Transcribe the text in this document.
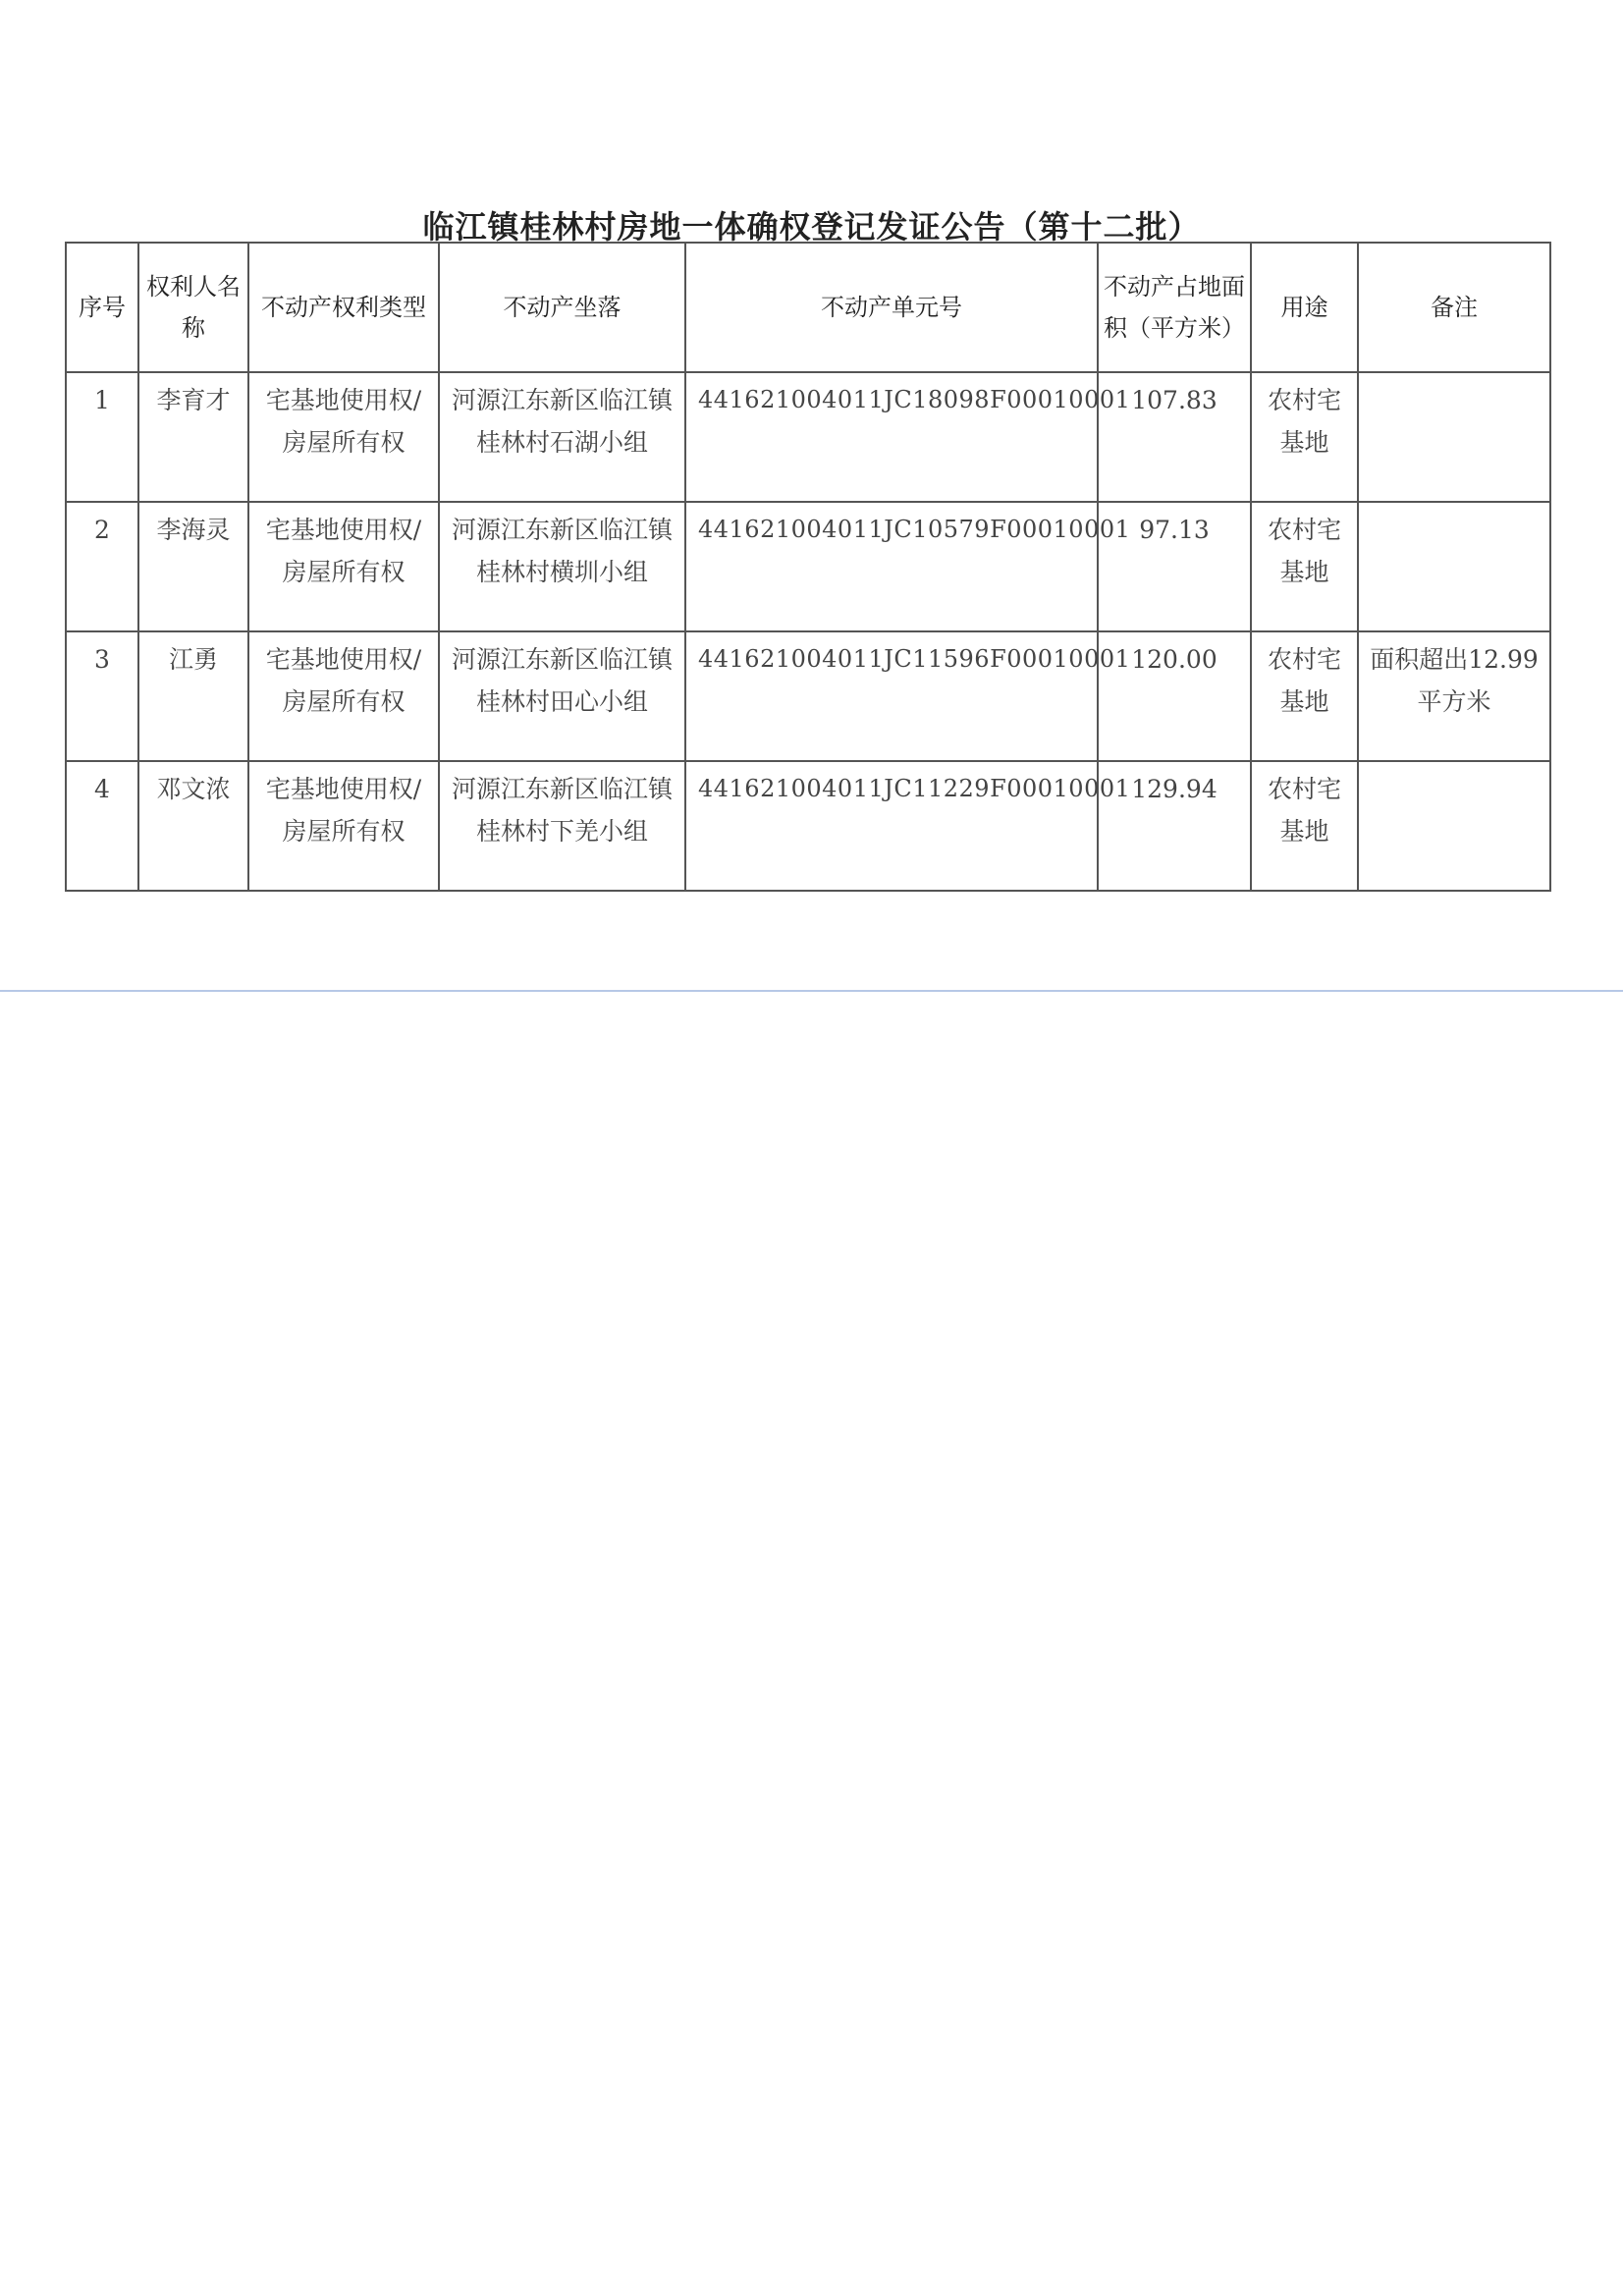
临江镇桂林村房地一体确权登记发证公告（第十二批）
序号	权利人名称	不动产权利类型	不动产坐落	不动产单元号	不动产占地面积（平方米）	用途	备注
1	李育才	宅基地使用权/房屋所有权	河源江东新区临江镇桂林村石湖小组	441621004011JC18098F00010001	107.83	农村宅基地	
2	李海灵	宅基地使用权/房屋所有权	河源江东新区临江镇桂林村横圳小组	441621004011JC10579F00010001	97.13	农村宅基地	
3	江勇	宅基地使用权/房屋所有权	河源江东新区临江镇桂林村田心小组	441621004011JC11596F00010001	120.00	农村宅基地	面积超出12.99平方米
4	邓文浓	宅基地使用权/房屋所有权	河源江东新区临江镇桂林村下羌小组	441621004011JC11229F00010001	129.94	农村宅基地	
